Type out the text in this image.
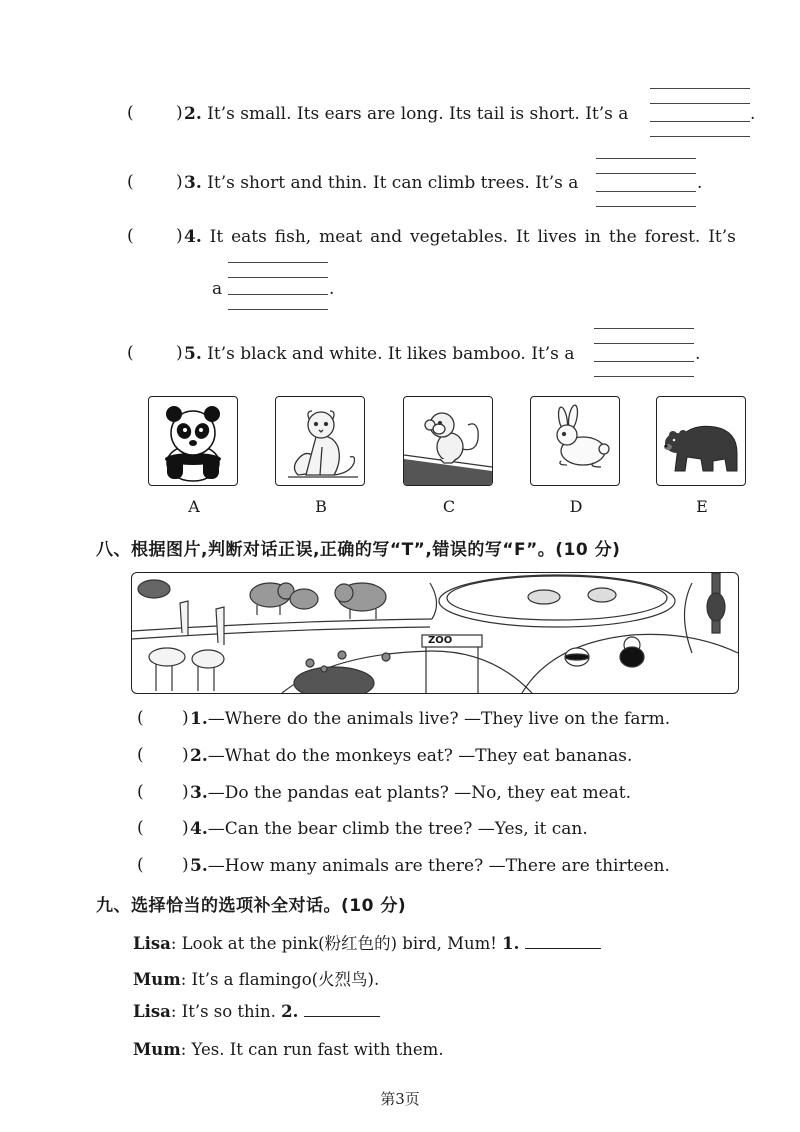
( ) 2. It’s small. Its ears are long. Its tail is short. It’s a	.
( ) 3. It’s short and thin. It can climb trees. It’s a	.
( ) 4. It eats fish, meat and vegetables. It lives in the forest. It’s
a	.
( ) 5. It’s black and white. It likes bamboo. It’s a	.
A	B	C	D	E
八、根据图片,判断对话正误,正确的写“T”,错误的写“F”。(10 分)
ZOO
( ) 1.—Where do the animals live? —They live on the farm.
( ) 2.—What do the monkeys eat? —They eat bananas.
( ) 3.—Do the pandas eat plants? —No, they eat meat.
( ) 4.—Can the bear climb the tree? —Yes, it can.
( ) 5.—How many animals are there? —There are thirteen.
九、选择恰当的选项补全对话。(10 分)
Lisa: Look at the pink(粉红色的) bird, Mum! 1.
Mum: It’s a flamingo(火烈鸟).
Lisa: It’s so thin. 2.
Mum: Yes. It can run fast with them.
第3页
